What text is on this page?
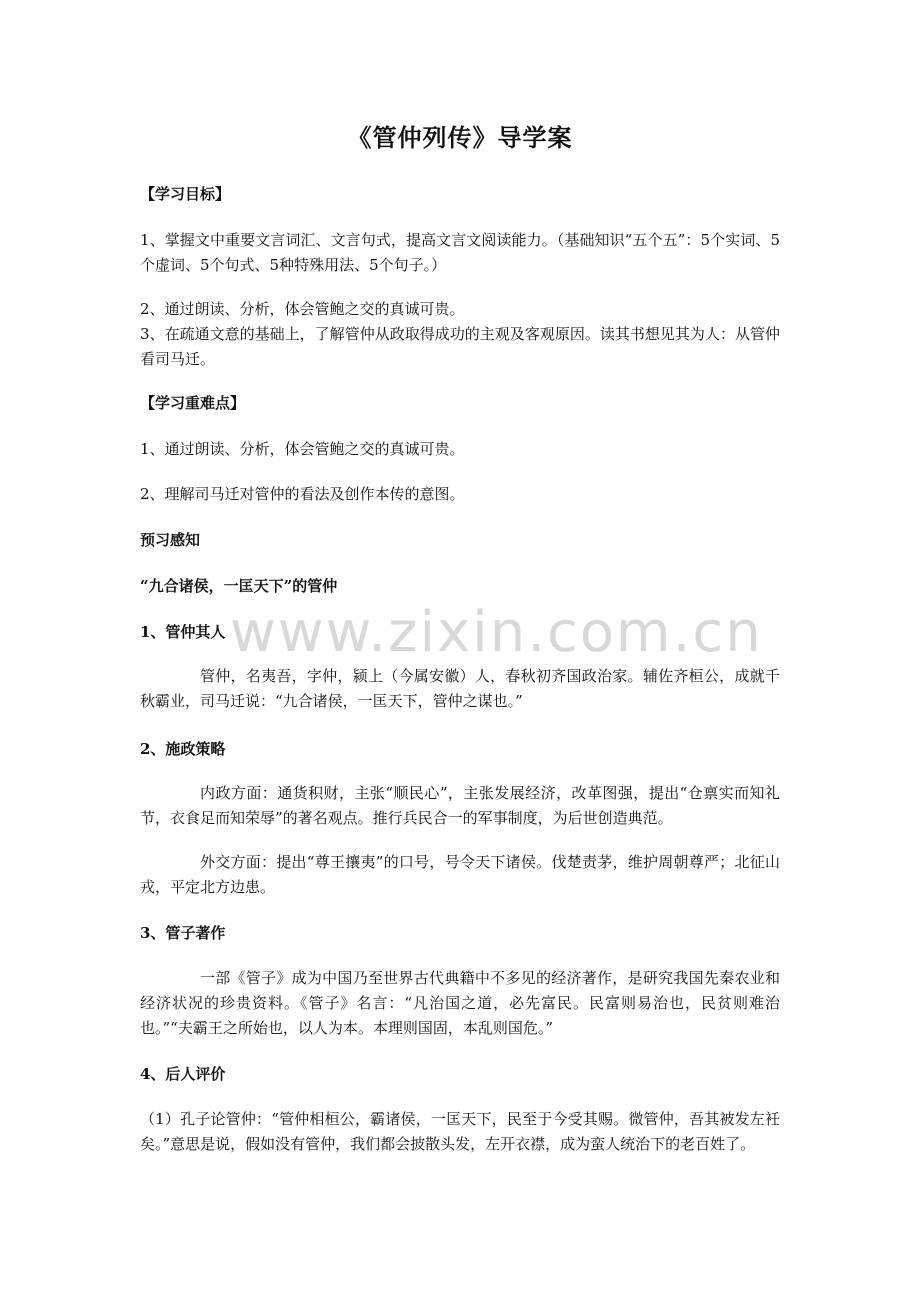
《管仲列传》导学案
【学习目标】
1、掌握文中重要文言词汇、文言句式，提高文言文阅读能力。（基础知识“五个五”：5个实词、5个虚词、5个句式、5种特殊用法、5个句子。）
2、通过朗读、分析，体会管鲍之交的真诚可贵。
3、在疏通文意的基础上，了解管仲从政取得成功的主观及客观原因。读其书想见其为人：从管仲看司马迁。
【学习重难点】
1、通过朗读、分析，体会管鲍之交的真诚可贵。
2、理解司马迁对管仲的看法及创作本传的意图。
预习感知
“九合诸侯，一匡天下”的管仲
1、管仲其人
管仲，名夷吾，字仲，颍上（今属安徽）人，春秋初齐国政治家。辅佐齐桓公，成就千秋霸业，司马迁说：“九合诸侯，一匡天下，管仲之谋也。”
2、施政策略
内政方面：通货积财，主张“顺民心”，主张发展经济，改革图强，提出“仓禀实而知礼节，衣食足而知荣辱”的著名观点。推行兵民合一的军事制度，为后世创造典范。
外交方面：提出“尊王攘夷”的口号，号令天下诸侯。伐楚责茅，维护周朝尊严；北征山戎，平定北方边患。
3、管子著作
一部《管子》成为中国乃至世界古代典籍中不多见的经济著作，是研究我国先秦农业和经济状况的珍贵资料。《管子》名言：“凡治国之道，必先富民。民富则易治也，民贫则难治也。”“夫霸王之所始也，以人为本。本理则国固，本乱则国危。”
4、后人评价
（1）孔子论管仲：“管仲相桓公，霸诸侯，一匡天下，民至于今受其赐。微管仲，吾其被发左衽矣。”意思是说，假如没有管仲，我们都会披散头发，左开衣襟，成为蛮人统治下的老百姓了。
www.zixin.com.cn
